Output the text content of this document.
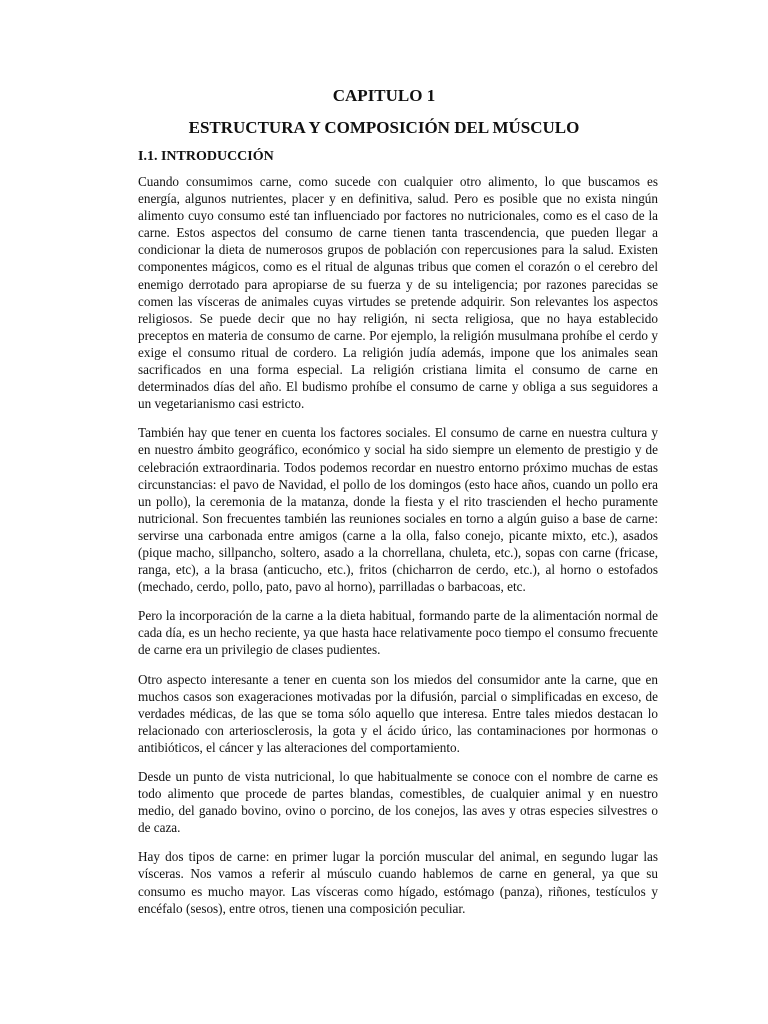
CAPITULO 1
ESTRUCTURA Y COMPOSICIÓN DEL MÚSCULO
I.1. INTRODUCCIÓN

Cuando consumimos carne, como sucede con cualquier otro alimento, lo que buscamos es energía, algunos nutrientes, placer y en definitiva, salud. Pero es posible que no exista ningún alimento cuyo consumo esté tan influenciado por factores no nutricionales, como es el caso de la carne. Estos aspectos del consumo de carne tienen tanta trascendencia, que pueden llegar a condicionar la dieta de numerosos grupos de población con repercusiones para la salud. Existen componentes mágicos, como es el ritual de algunas tribus que comen el corazón o el cerebro del enemigo derrotado para apropiarse de su fuerza y de su inteligencia; por razones parecidas se comen las vísceras de animales cuyas virtudes se pretende adquirir. Son relevantes los aspectos religiosos. Se puede decir que no hay religión, ni secta religiosa, que no haya establecido preceptos en materia de consumo de carne. Por ejemplo, la religión musulmana prohíbe el cerdo y exige el consumo ritual de cordero. La religión judía además, impone que los animales sean sacrificados en una forma especial. La religión cristiana limita el consumo de carne en determinados días del año. El budismo prohíbe el consumo de carne y obliga a sus seguidores a un vegetarianismo casi estricto.

También hay que tener en cuenta los factores sociales. El consumo de carne en nuestra cultura y en nuestro ámbito geográfico, económico y social ha sido siempre un elemento de prestigio y de celebración extraordinaria. Todos podemos recordar en nuestro entorno próximo muchas de estas circunstancias: el pavo de Navidad, el pollo de los domingos (esto hace años, cuando un pollo era un pollo), la ceremonia de la matanza, donde la fiesta y el rito trascienden el hecho puramente nutricional. Son frecuentes también las reuniones sociales en torno a algún guiso a base de carne: servirse una carbonada entre amigos (carne a la olla, falso conejo, picante mixto, etc.), asados (pique macho, sillpancho, soltero, asado a la chorrellana, chuleta, etc.), sopas con carne (fricase, ranga, etc), a la brasa (anticucho, etc.), fritos (chicharron de cerdo, etc.), al horno o estofados (mechado, cerdo, pollo, pato, pavo al horno), parrilladas o barbacoas, etc.

Pero la incorporación de la carne a la dieta habitual, formando parte de la alimentación normal de cada día, es un hecho reciente, ya que hasta hace relativamente poco tiempo el consumo frecuente de carne era un privilegio de clases pudientes.

Otro aspecto interesante a tener en cuenta son los miedos del consumidor ante la carne, que en muchos casos son exageraciones motivadas por la difusión, parcial o simplificadas en exceso, de verdades médicas, de las que se toma sólo aquello que interesa. Entre tales miedos destacan lo relacionado con arteriosclerosis, la gota y el ácido úrico, las contaminaciones por hormonas o antibióticos, el cáncer y las alteraciones del comportamiento.

Desde un punto de vista nutricional, lo que habitualmente se conoce con el nombre de carne es todo alimento que procede de partes blandas, comestibles, de cualquier animal y en nuestro medio, del ganado bovino, ovino o porcino, de los conejos, las aves y otras especies silvestres o de caza.

Hay dos tipos de carne: en primer lugar la porción muscular del animal, en segundo lugar las vísceras. Nos vamos a referir al músculo cuando hablemos de carne en general, ya que su consumo es mucho mayor. Las vísceras como hígado, estómago (panza), riñones, testículos y encéfalo (sesos), entre otros, tienen una composición peculiar.
